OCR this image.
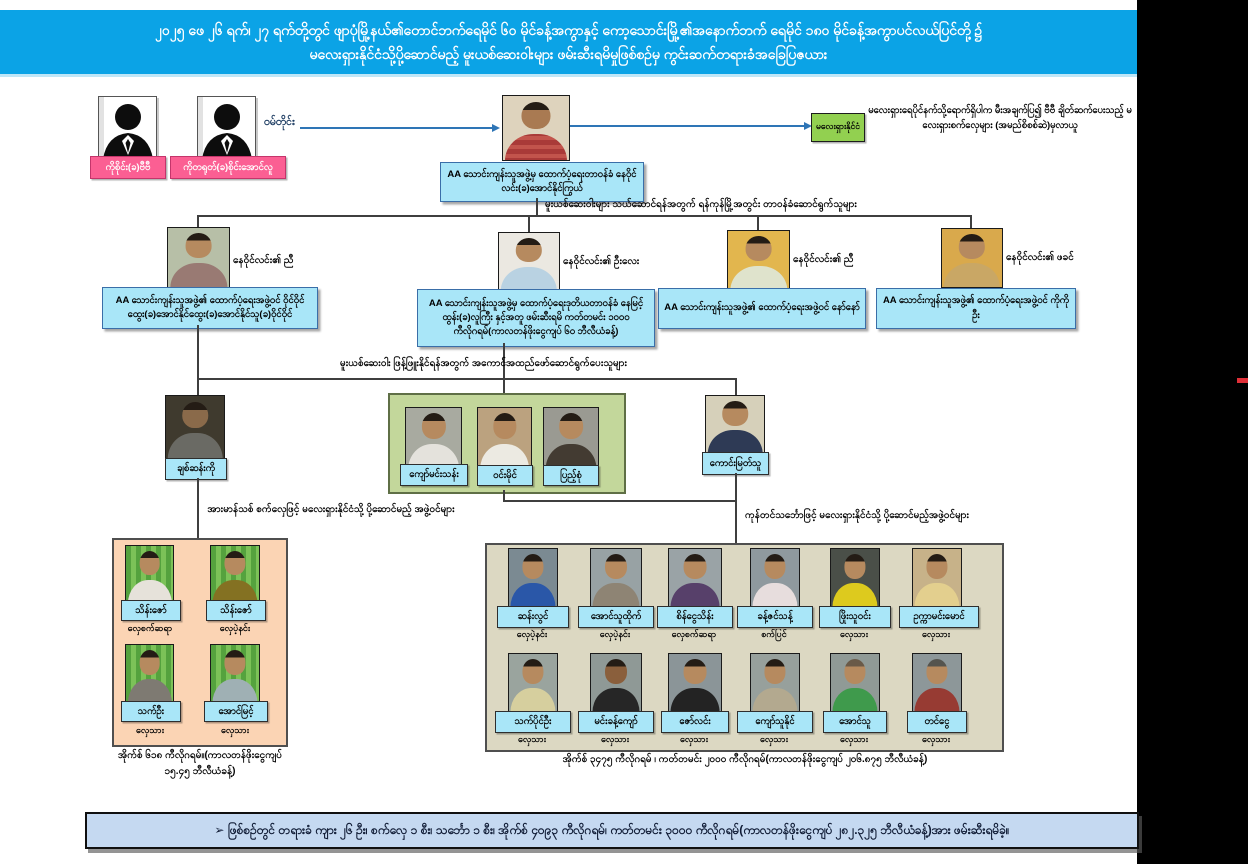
၂၀၂၅ ဖေ ၂၆ ရက်၊ ၂၇ ရက်တို့တွင် ဖျာပုံမြို့နယ်၏တောင်ဘက်ရေမိုင် ၆၀ မိုင်ခန့်အကွာနှင့် ကော့သောင်းမြို့၏အနောက်ဘက် ရေမိုင် ၁၈၀ မိုင်ခန့်အကွာပင်လယ်ပြင်တို့၌
မလေးရှားနိုင်ငံသို့ပို့ဆောင်မည့် မူးယစ်ဆေးဝါးများ ဖမ်းဆီးရမိမှုဖြစ်စဉ်မှ ကွင်းဆက်တရားခံအခြေပြဇယား
ကိုစိုင်း(ခ)ဗီဗီ	ကိုတရုတ်(ခ)စိုင်းအောင်လူ
ဝမ်တိုင်း
AA သောင်းကျန်းသူအဖွဲ့မှ ထောက်ပံ့ရေးတာဝန်ခံ နေဝိုင်လင်း(ခ)အောင်နိုင်ကြွယ်
မလေးရှားနိုင်ငံ
မလေးရှားရေပိုင်နက်သို့ရောက်ရှိပါက မီးအချက်ပြ၍ ဗီဗီ ချိတ်ဆက်ပေးသည့် မလေးရှားစက်လှေများ (အမည်စိစစ်ဆဲ)မှလာယူ
မူးယစ်ဆေးဝါးများ သယ်ဆောင်ရန်အတွက် ရန်ကုန်မြို့အတွင်း တာဝန်ခံဆောင်ရွက်သူများ
နေဝိုင်လင်း၏ ညီ
AA သောင်းကျန်းသူအဖွဲ့၏ ထောက်ပံ့ရေးအဖွဲ့ဝင် ဝိုင်ဝိုင်ထွေး(ခ)အောင်နိုင်ထွေး(ခ)အောင်နိုင်သူ(ခ)ဝိုင်ဝိုင်
နေဝိုင်လင်း၏ ဦးလေး
AA သောင်းကျန်းသူအဖွဲ့မှ ထောက်ပံ့ရေးဒုတိယတာဝန်ခံ နေမြင့်ထွန်း(ခ)လူကြီး နှင့်အတူ ဖမ်းဆီးရမိ ကတ်တမင်း ၁၀၀၀ ကီလိုဂရမ်(ကာလတန်ဖိုးငွေကျပ် ၆၀ ဘီလီယံခန့်)
နေဝိုင်လင်း၏ ညီ
AA သောင်းကျန်းသူအဖွဲ့၏ ထောက်ပံ့ရေးအဖွဲ့ဝင် နော်နော်
နေဝိုင်လင်း၏ ဖခင်
AA သောင်းကျန်းသူအဖွဲ့၏ ထောက်ပံ့ရေးအဖွဲ့ဝင် ကိုကိုဦး
မူးယစ်ဆေးဝါး ဖြန့်ဖြူးနိုင်ရန်အတွက် အကောင်အထည်ဖော်ဆောင်ရွက်ပေးသူများ
ချစ်ဆန်းကို
ကျော်မင်းသန်း	ဝင်းမိုင်	ပြည့်စုံ
ကောင်းမြတ်သူ
အားမာန်သစ် စက်လှေဖြင့် မလေးရှားနိုင်ငံသို့ ပို့ဆောင်မည့် အဖွဲ့ဝင်များ
ကုန်တင်သင်္ဘောဖြင့် မလေးရှားနိုင်ငံသို့ ပို့ဆောင်မည့်အဖွဲ့ဝင်များ
သိန်းဇော်	သိန်းဇော်
လှေစက်ဆရာ	လှေပဲ့နင်း
သက်ဦး	အောင်မြင့်
လှေသား	လှေသား
အိုက်စ် ၆၁၈ ကီလိုဂရမ်။(ကာလတန်ဖိုးငွေကျပ် ၁၅.၄၅ ဘီလီယံခန့်)
ဆန်းလွင်	အောင်သူထိုက်	စိန်ငွေသိန်း	ခန့်ဇင်သန့်	ဖြိုးသူဝင်း	ဥက္ကာမင်းမောင်
လှေပဲ့နင်း	လှေပဲ့နင်း	လှေစက်ဆရာ	စက်ပြင်	လှေသား	လှေသား
သက်ပိုင်ဦး	မင်းခန့်ကျော်	ဇော်လင်း	ကျော်သူနိုင်	အောင်သူ	တင်ငွေ
လှေသား	လှေသား	လှေသား	လှေသား	လှေသား	လှေသား
အိုက်စ် ၃၄၇၅ ကီလိုဂရမ် ၊ ကတ်တမင်း ၂၀၀၀ ကီလိုဂရမ်(ကာလတန်ဖိုးငွေကျပ် ၂၀၆.၈၇၅ ဘီလီယံခန့်)
➢ ဖြစ်စဉ်တွင် တရားခံ ကျား ၂၆ ဦး၊ စက်လှေ ၁ စီး၊ သင်္ဘော ၁ စီး၊ အိုက်စ် ၄၀၉၃ ကီလိုဂရမ်၊ ကတ်တမင်း ၃၀၀၀ ကီလိုဂရမ်(ကာလတန်ဖိုးငွေကျပ် ၂၈၂.၃၂၅ ဘီလီယံခန့်)အား ဖမ်းဆီးရမိခဲ့။
